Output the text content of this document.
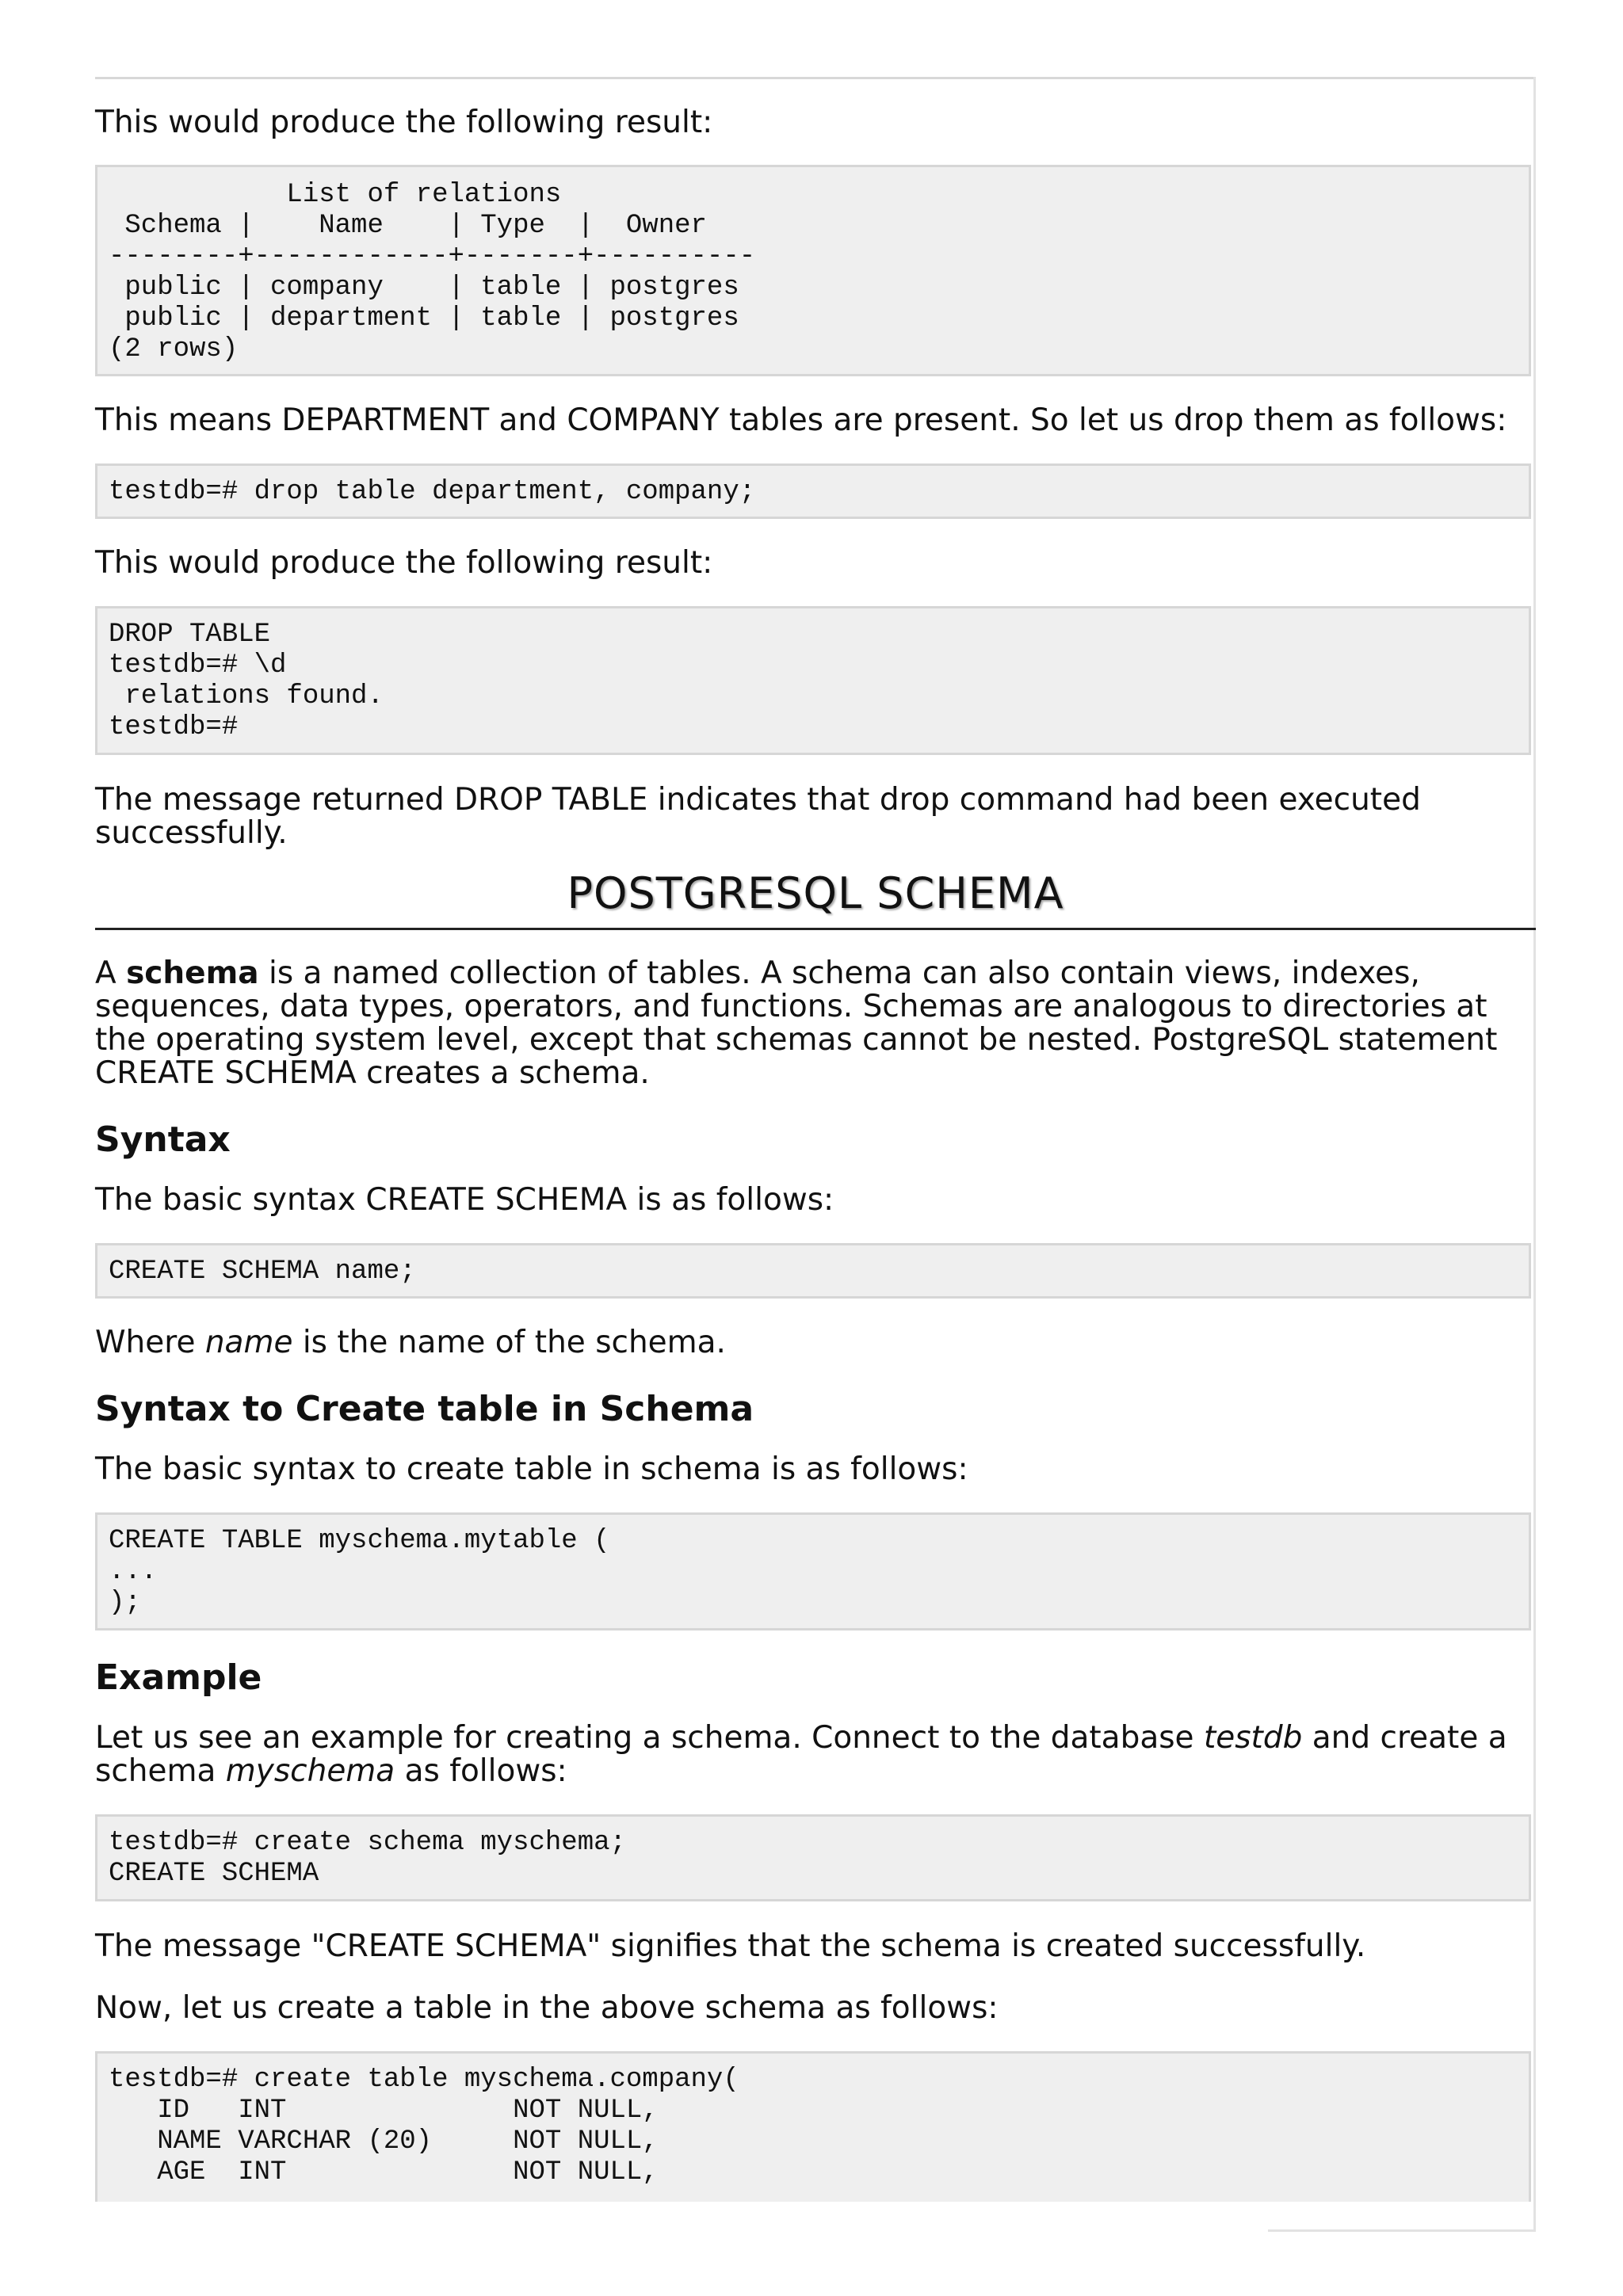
This would produce the following result:

List of relations
Schema |    Name    | Type  |  Owner
--------+------------+-------+----------
public | company    | table | postgres
public | department | table | postgres
(2 rows)

This means DEPARTMENT and COMPANY tables are present. So let us drop them as follows:

testdb=# drop table department, company;

This would produce the following result:

DROP TABLE
testdb=# \d
relations found.
testdb=#

The message returned DROP TABLE indicates that drop command had been executed successfully.

POSTGRESQL SCHEMA

A schema is a named collection of tables. A schema can also contain views, indexes, sequences, data types, operators, and functions. Schemas are analogous to directories at the operating system level, except that schemas cannot be nested. PostgreSQL statement CREATE SCHEMA creates a schema.

Syntax

The basic syntax CREATE SCHEMA is as follows:

CREATE SCHEMA name;

Where name is the name of the schema.

Syntax to Create table in Schema

The basic syntax to create table in schema is as follows:

CREATE TABLE myschema.mytable (
...
);
Example

Let us see an example for creating a schema. Connect to the database testdb and create a schema myschema as follows:

testdb=# create schema myschema;
CREATE SCHEMA

The message "CREATE SCHEMA" signifies that the schema is created successfully.

Now, let us create a table in the above schema as follows:

testdb=# create table myschema.company(
ID   INT              NOT NULL,
NAME VARCHAR (20)     NOT NULL,
AGE  INT              NOT NULL,
